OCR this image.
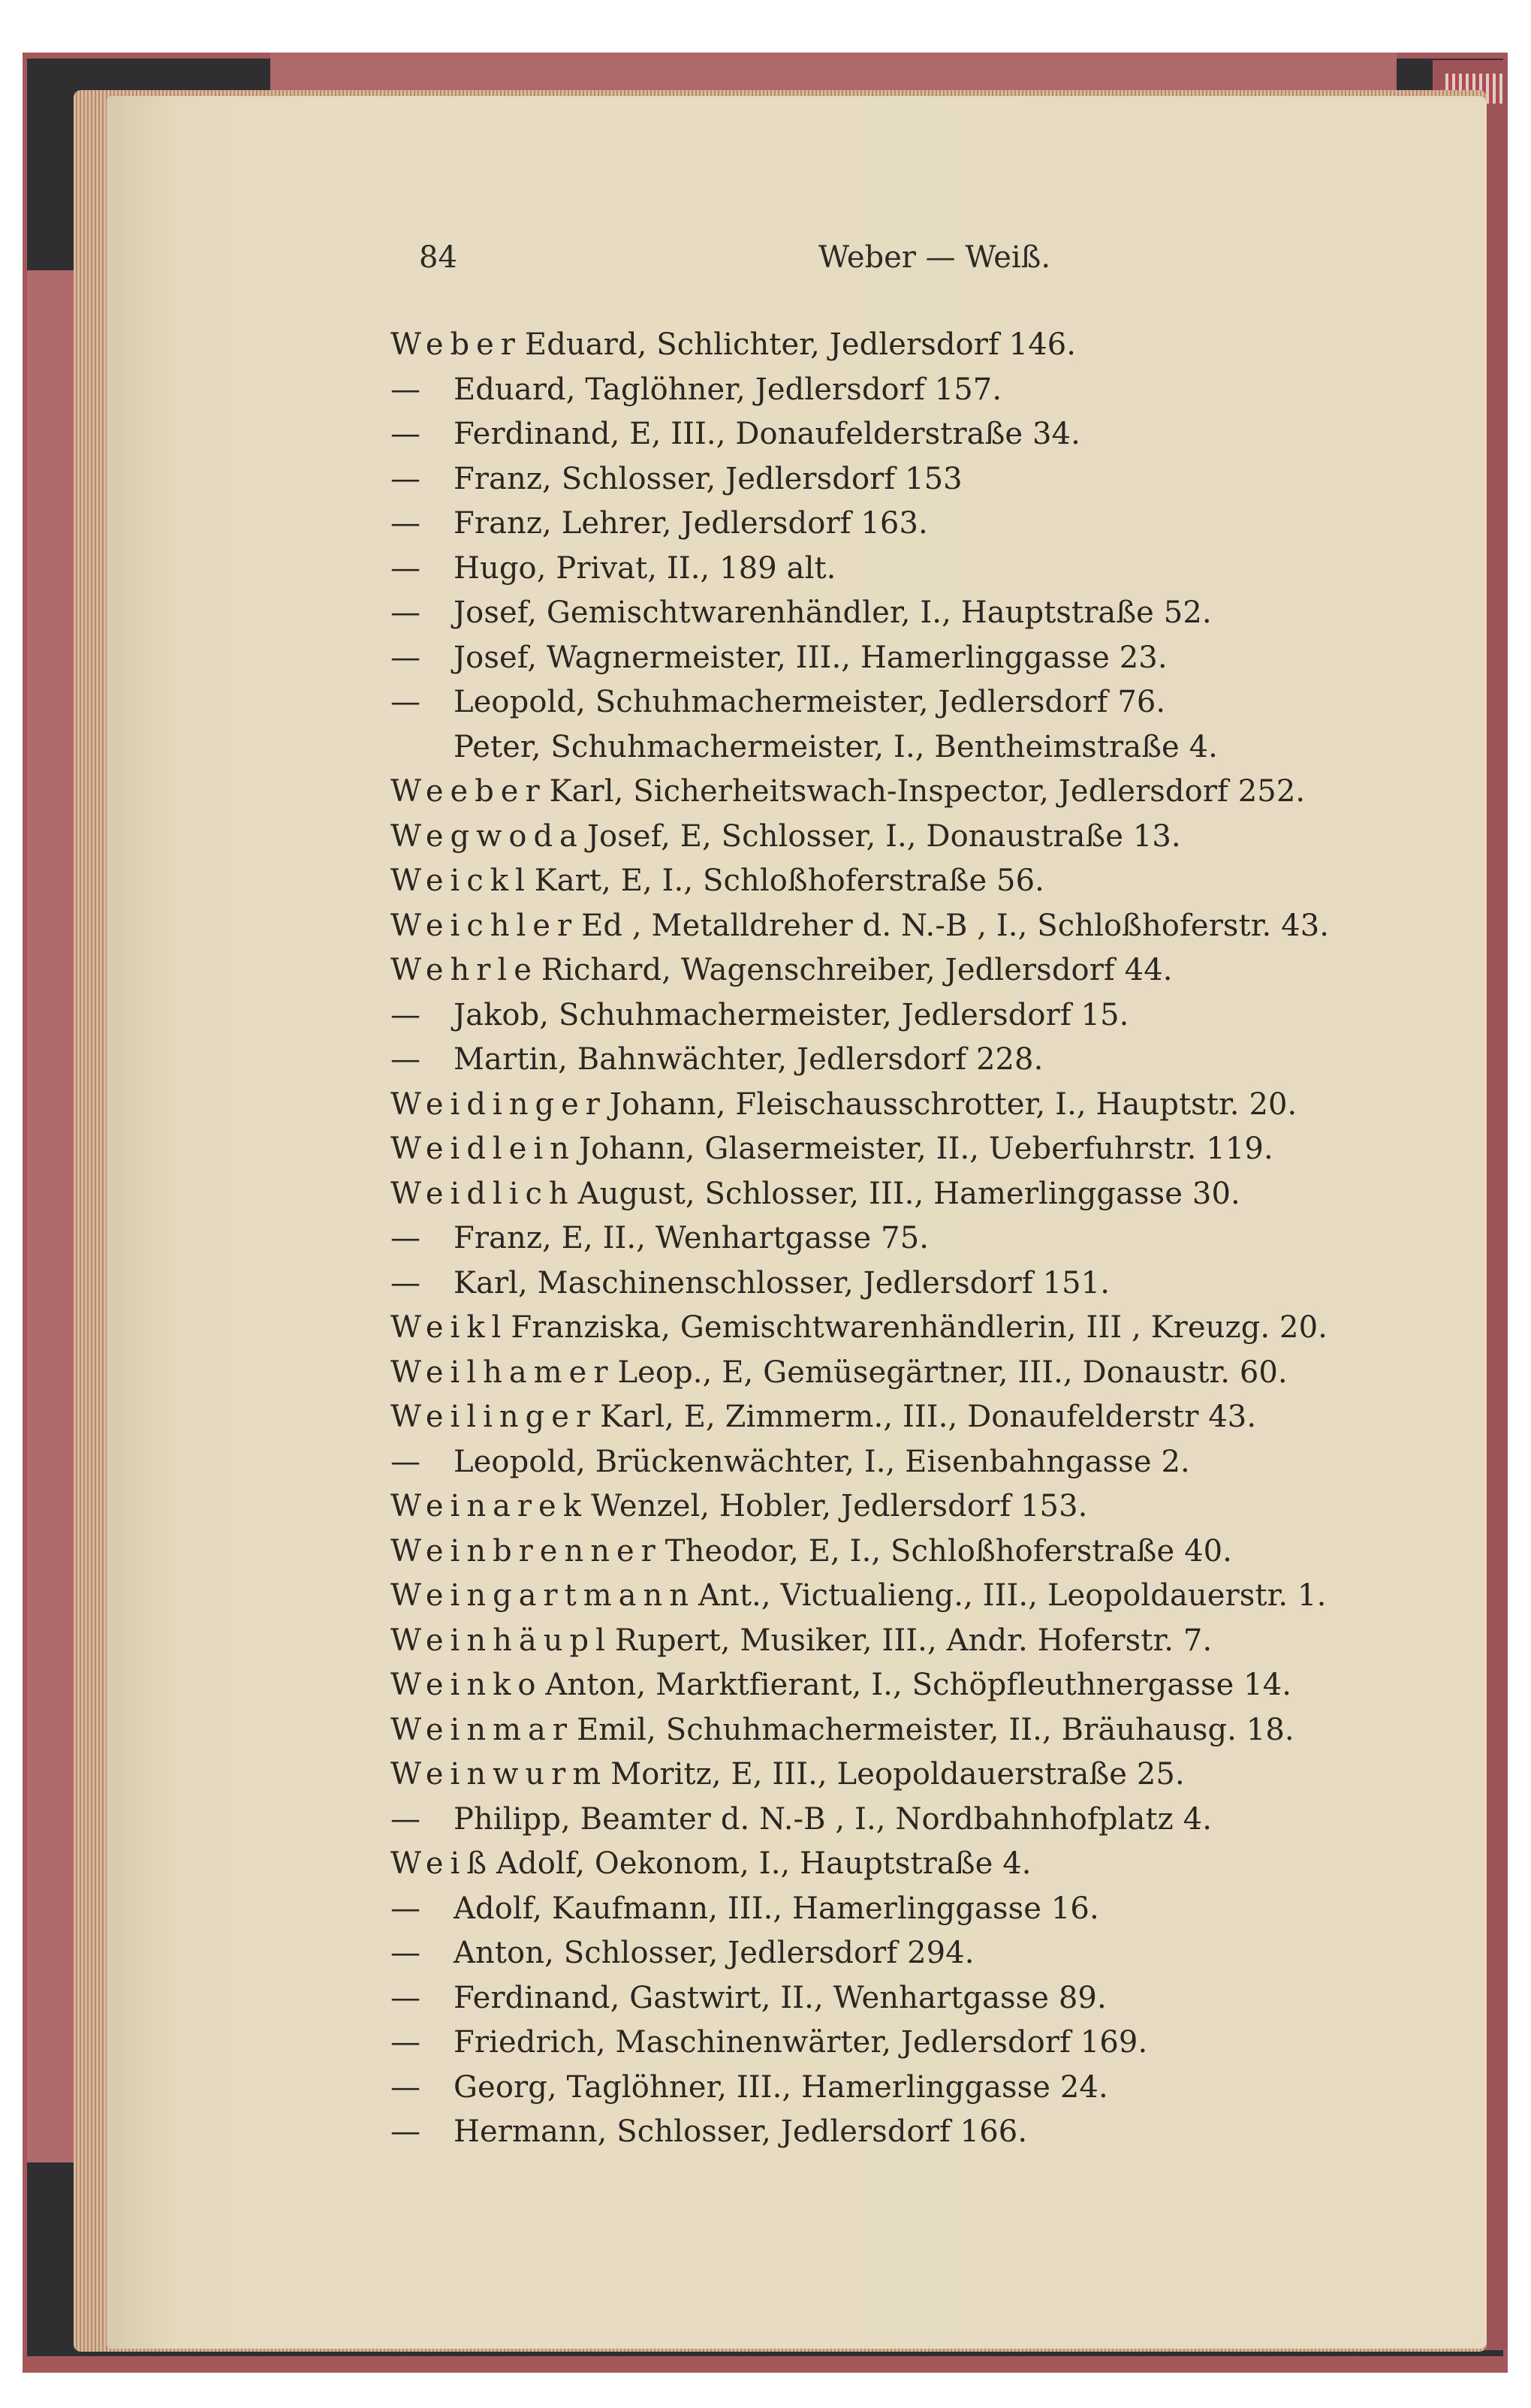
84	Weber — Weiß.
Weber Eduard, Schlichter, Jedlersdorf 146.
— Eduard, Taglöhner, Jedlersdorf 157.
— Ferdinand, E, III., Donaufelderstraße 34.
— Franz, Schlosser, Jedlersdorf 153
— Franz, Lehrer, Jedlersdorf 163.
— Hugo, Privat, II., 189 alt.
— Josef, Gemischtwarenhändler, I., Hauptstraße 52.
— Josef, Wagnermeister, III., Hamerlinggasse 23.
— Leopold, Schuhmachermeister, Jedlersdorf 76.
Peter, Schuhmachermeister, I., Bentheimstraße 4.
Weeber Karl, Sicherheitswach-Inspector, Jedlersdorf 252.
Wegwoda Josef, E, Schlosser, I., Donaustraße 13.
Weickl Kart, E, I., Schloßhoferstraße 56.
Weichler Ed , Metalldreher d. N.-B , I., Schloßhoferstr. 43.
Wehrle Richard, Wagenschreiber, Jedlersdorf 44.
— Jakob, Schuhmachermeister, Jedlersdorf 15.
— Martin, Bahnwächter, Jedlersdorf 228.
Weidinger Johann, Fleischausschrotter, I., Hauptstr. 20.
Weidlein Johann, Glasermeister, II., Ueberfuhrstr. 119.
Weidlich August, Schlosser, III., Hamerlinggasse 30.
— Franz, E, II., Wenhartgasse 75.
— Karl, Maschinenschlosser, Jedlersdorf 151.
Weikl Franziska, Gemischtwarenhändlerin, III , Kreuzg. 20.
Weilhamer Leop., E, Gemüsegärtner, III., Donaustr. 60.
Weilinger Karl, E, Zimmerm., III., Donaufelderstr 43.
— Leopold, Brückenwächter, I., Eisenbahngasse 2.
Weinarek Wenzel, Hobler, Jedlersdorf 153.
Weinbrenner Theodor, E, I., Schloßhoferstraße 40.
Weingartmann Ant., Victualieng., III., Leopoldauerstr. 1.
Weinhäupl Rupert, Musiker, III., Andr. Hoferstr. 7.
Weinko Anton, Marktfierant, I., Schöpfleuthnergasse 14.
Weinmar Emil, Schuhmachermeister, II., Bräuhausg. 18.
Weinwurm Moritz, E, III., Leopoldauerstraße 25.
— Philipp, Beamter d. N.-B , I., Nordbahnhofplatz 4.
Weiß Adolf, Oekonom, I., Hauptstraße 4.
— Adolf, Kaufmann, III., Hamerlinggasse 16.
— Anton, Schlosser, Jedlersdorf 294.
— Ferdinand, Gastwirt, II., Wenhartgasse 89.
— Friedrich, Maschinenwärter, Jedlersdorf 169.
— Georg, Taglöhner, III., Hamerlinggasse 24.
— Hermann, Schlosser, Jedlersdorf 166.
